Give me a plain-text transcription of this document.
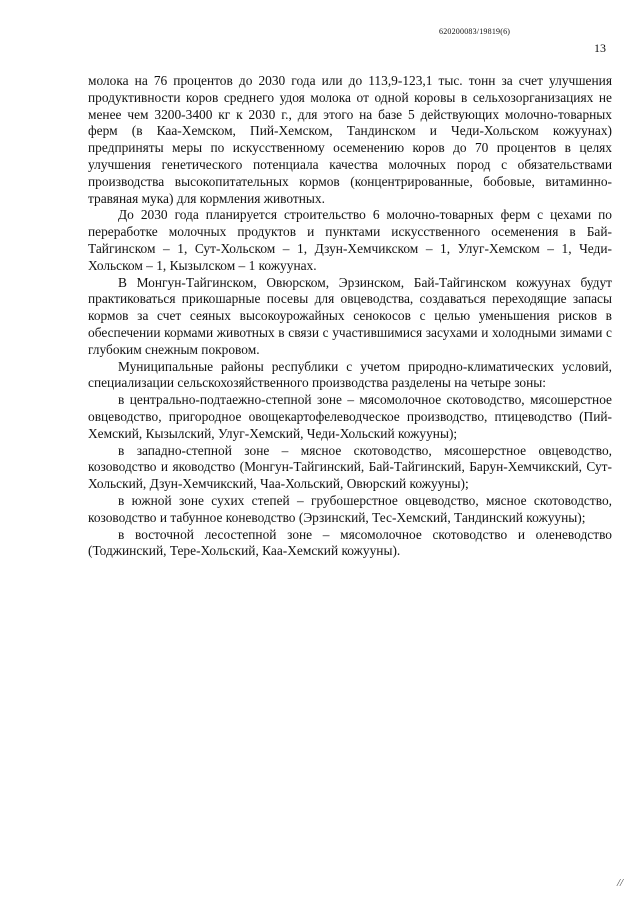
620200083/19819(6)
13

молока на 76 процентов до 2030 года или до 113,9-123,1 тыс. тонн за счет улучшения продуктивности коров среднего удоя молока от одной коровы в сельхозорганизациях не менее чем 3200-3400 кг к 2030 г., для этого на базе 5 действующих молочно-товарных ферм (в Каа-Хемском, Пий-Хемском, Тандинском и Чеди-Хольском кожуунах) предприняты меры по искусственному осеменению коров до 70 процентов в целях улучшения генетического потенциала качества молочных пород с обязательствами производства высокопитательных кормов (концентрированные, бобовые, витаминно-травяная мука) для кормления животных.

До 2030 года планируется строительство 6 молочно-товарных ферм с цехами по переработке молочных продуктов и пунктами искусственного осеменения в Бай-Тайгинском – 1, Сут-Хольском – 1, Дзун-Хемчикском – 1, Улуг-Хемском – 1, Чеди-Хольском – 1, Кызылском – 1 кожуунах.

В Монгун-Тайгинском, Овюрском, Эрзинском, Бай-Тайгинском кожуунах будут практиковаться прикошарные посевы для овцеводства, создаваться переходящие запасы кормов за счет сеяных высокоурожайных сенокосов с целью уменьшения рисков в обеспечении кормами животных в связи с участившимися засухами и холодными зимами с глубоким снежным покровом.

Муниципальные районы республики с учетом природно-климатических условий, специализации сельскохозяйственного производства разделены на четыре зоны:

в центрально-подтаежно-степной зоне – мясомолочное скотоводство, мясошерстное овцеводство, пригородное овощекартофелеводческое производство, птицеводство (Пий-Хемский, Кызылский, Улуг-Хемский, Чеди-Хольский кожууны);

в западно-степной зоне – мясное скотоводство, мясошерстное овцеводство, козоводство и яководство (Монгун-Тайгинский, Бай-Тайгинский, Барун-Хемчикский, Сут-Хольский, Дзун-Хемчикский, Чаа-Хольский, Овюрский кожууны);

в южной зоне сухих степей – грубошерстное овцеводство, мясное скотоводство, козоводство и табунное коневодство (Эрзинский, Тес-Хемский, Тандинский кожууны);

в восточной лесостепной зоне – мясомолочное скотоводство и оленеводство (Тоджинский, Тере-Хольский, Каа-Хемский кожууны).

//
